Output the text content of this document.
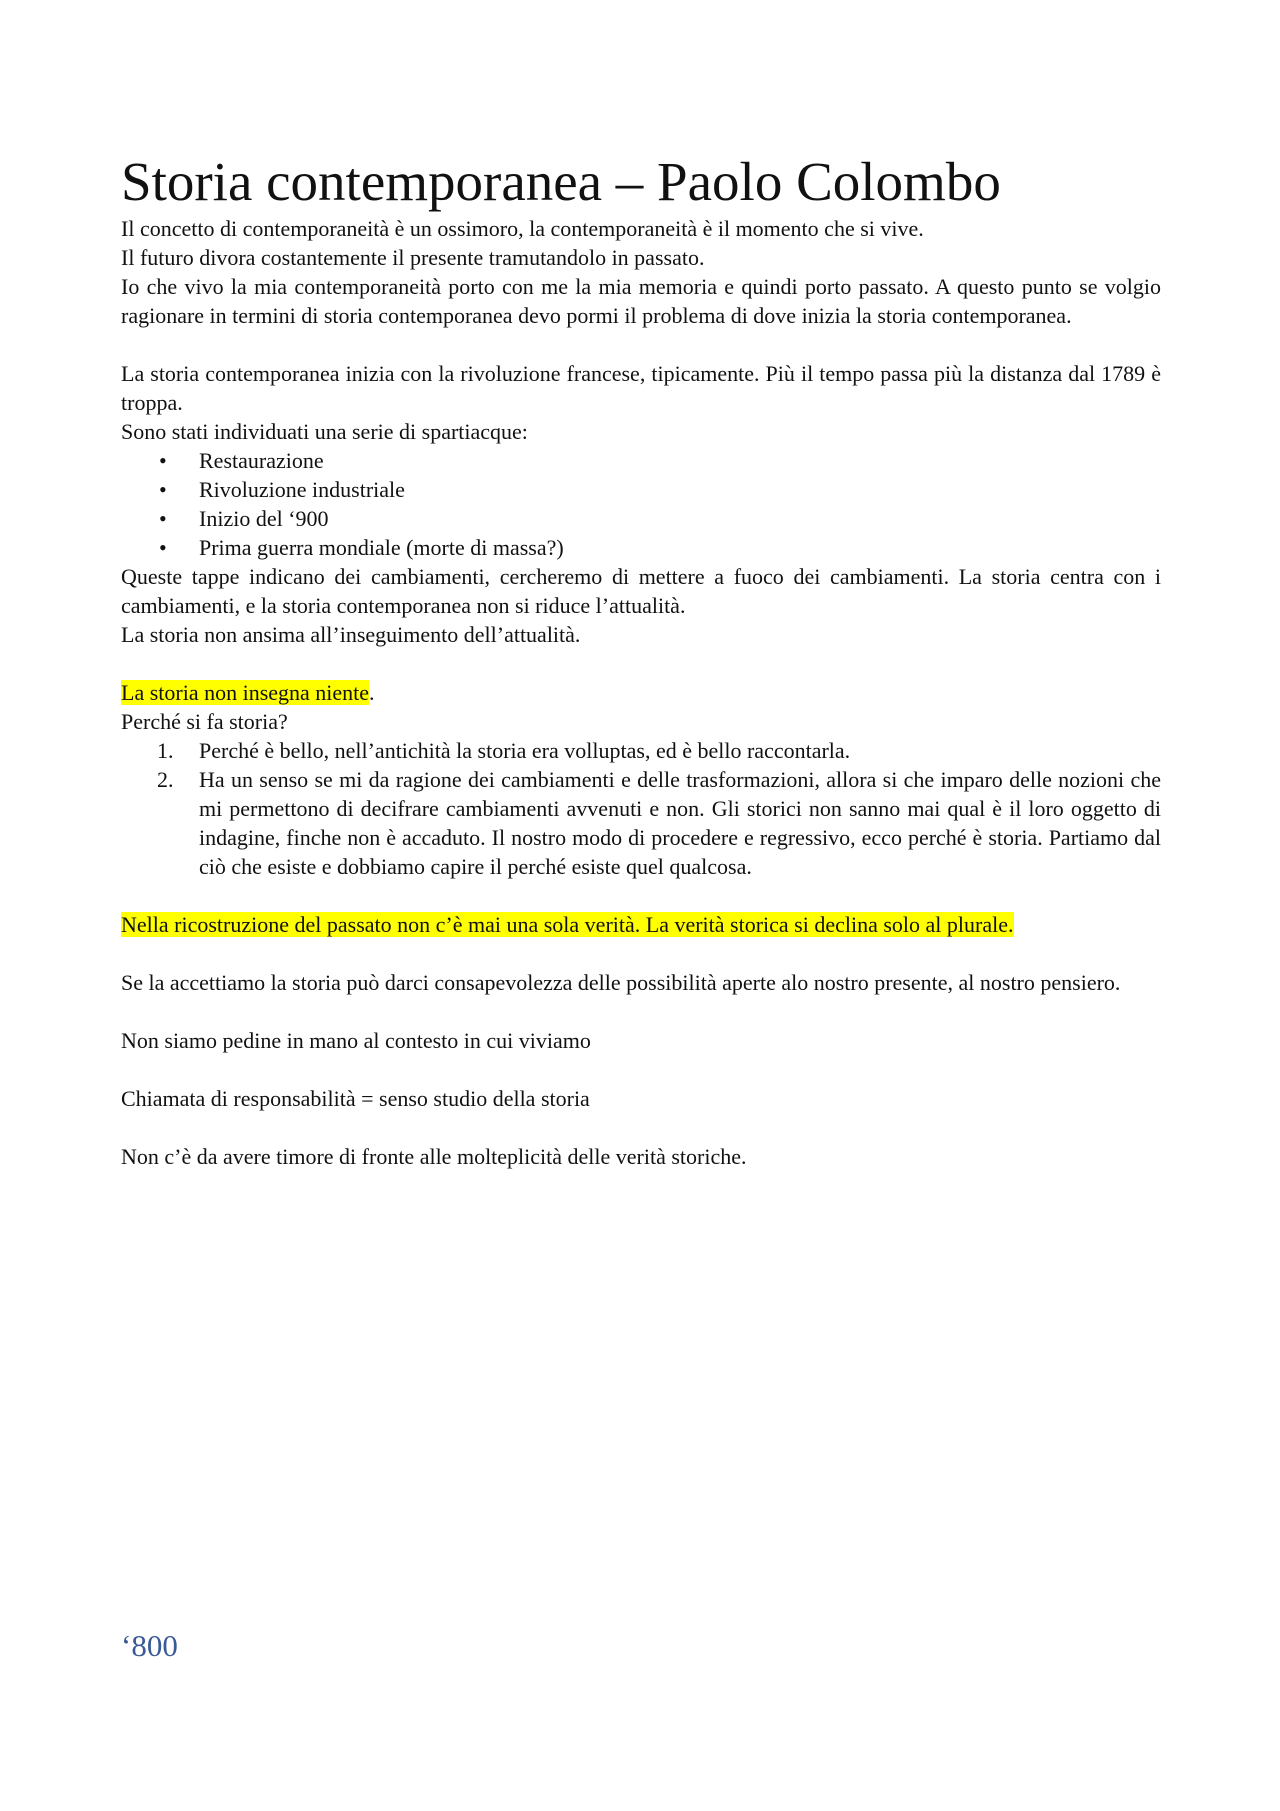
Storia contemporanea – Paolo Colombo

Il concetto di contemporaneità è un ossimoro, la contemporaneità è il momento che si vive.

Il futuro divora costantemente il presente tramutandolo in passato.

Io che vivo la mia contemporaneità porto con me la mia memoria e quindi porto passato. A questo punto se volgio ragionare in termini di storia contemporanea devo pormi il problema di dove inizia la storia contemporanea.

La storia contemporanea inizia con la rivoluzione francese, tipicamente. Più il tempo passa più la distanza dal 1789 è troppa.

Sono stati individuati una serie di spartiacque:

• Restaurazione
• Rivoluzione industriale
• Inizio del ‘900
• Prima guerra mondiale (morte di massa?)

Queste tappe indicano dei cambiamenti, cercheremo di mettere a fuoco dei cambiamenti. La storia centra con i cambiamenti, e la storia contemporanea non si riduce l’attualità.

La storia non ansima all’inseguimento dell’attualità.

La storia non insegna niente.

Perché si fa storia?

1. Perché è bello, nell’antichità la storia era volluptas, ed è bello raccontarla.
2. Ha un senso se mi da ragione dei cambiamenti e delle trasformazioni, allora si che imparo delle nozioni che mi permettono di decifrare cambiamenti avvenuti e non. Gli storici non sanno mai qual è il loro oggetto di indagine, finche non è accaduto. Il nostro modo di procedere e regressivo, ecco perché è storia. Partiamo dal ciò che esiste e dobbiamo capire il perché esiste quel qualcosa.

Nella ricostruzione del passato non c’è mai una sola verità. La verità storica si declina solo al plurale.

Se la accettiamo la storia può darci consapevolezza delle possibilità aperte alo nostro presente, al nostro pensiero.

Non siamo pedine in mano al contesto in cui viviamo

Chiamata di responsabilità = senso studio della storia

Non c’è da avere timore di fronte alle molteplicità delle verità storiche.

‘800
